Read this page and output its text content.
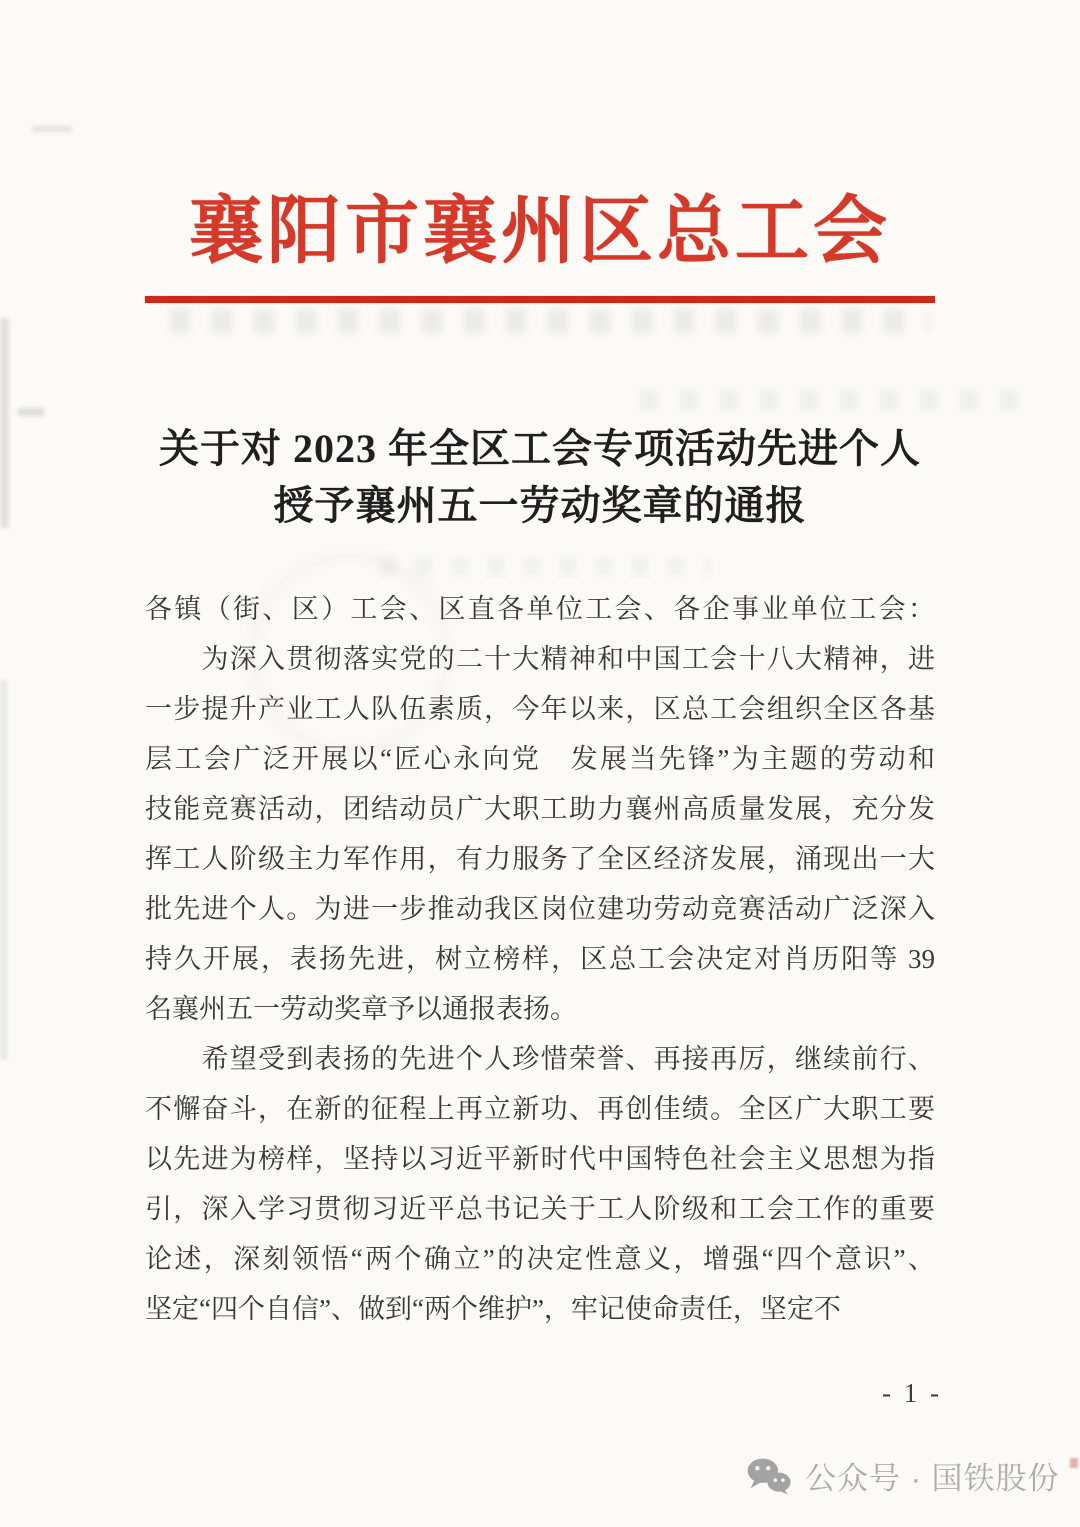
襄阳市襄州区总工会
关于对 2023 年全区工会专项活动先进个人
授予襄州五一劳动奖章的通报
各镇（街、区）工会、区直各单位工会、各企事业单位工会：
　　为深入贯彻落实党的二十大精神和中国工会十八大精神，进
一步提升产业工人队伍素质，今年以来，区总工会组织全区各基
层工会广泛开展以“匠心永向党　发展当先锋”为主题的劳动和
技能竞赛活动，团结动员广大职工助力襄州高质量发展，充分发
挥工人阶级主力军作用，有力服务了全区经济发展，涌现出一大
批先进个人。为进一步推动我区岗位建功劳动竞赛活动广泛深入
持久开展，表扬先进，树立榜样，区总工会决定对肖历阳等 39
名襄州五一劳动奖章予以通报表扬。
　　希望受到表扬的先进个人珍惜荣誉、再接再厉，继续前行、
不懈奋斗，在新的征程上再立新功、再创佳绩。全区广大职工要
以先进为榜样，坚持以习近平新时代中国特色社会主义思想为指
引，深入学习贯彻习近平总书记关于工人阶级和工会工作的重要
论述，深刻领悟“两个确立”的决定性意义，增强“四个意识”、
坚定“四个自信”、做到“两个维护”，牢记使命责任，坚定不
- 1 -
公众号 · 国铁股份
